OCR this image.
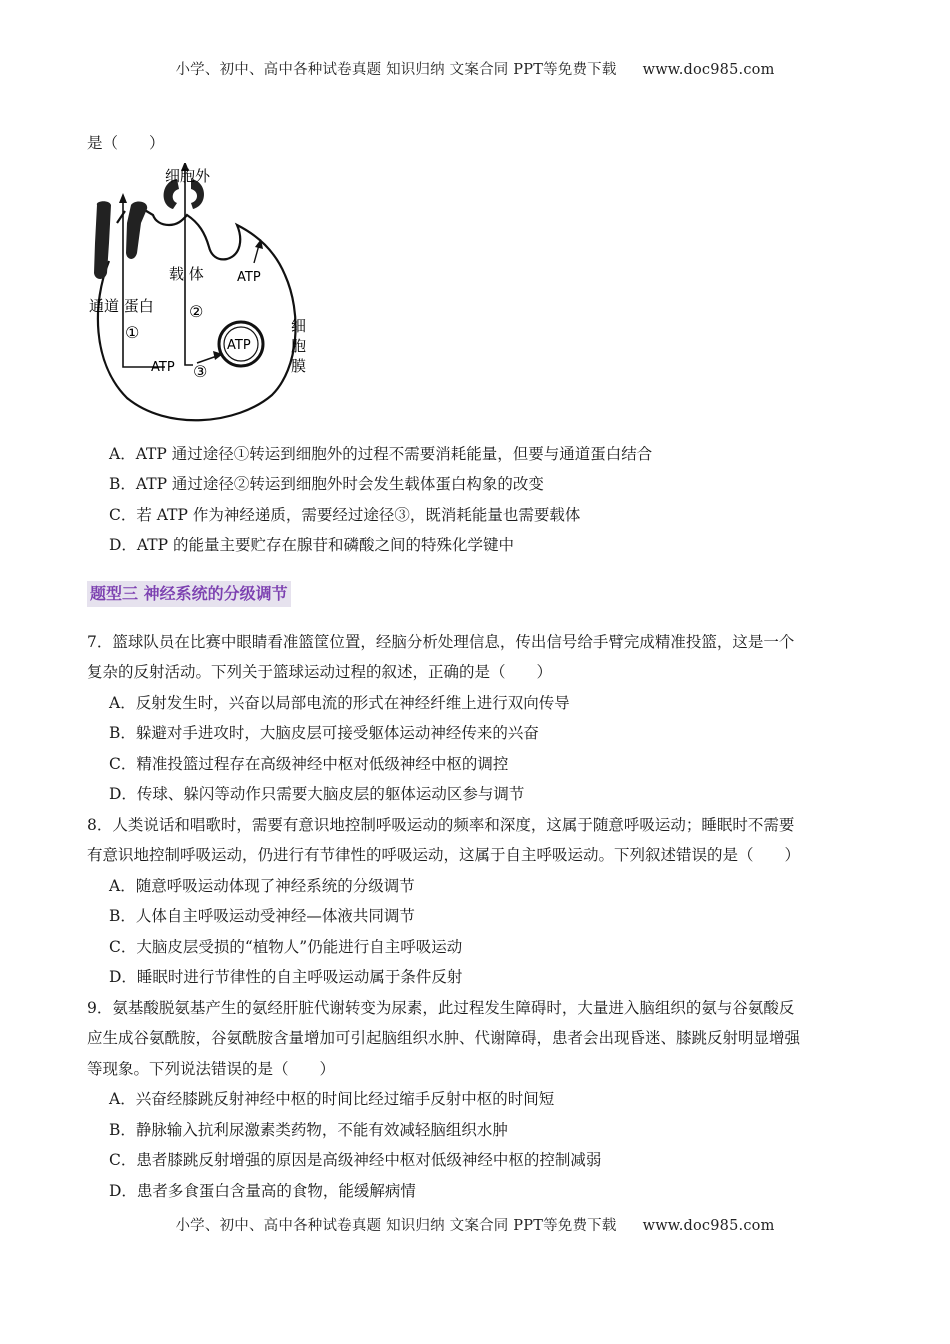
小学、初中、高中各种试卷真题 知识归纳 文案合同 PPT等免费下载 www.doc985.com
是（　　）
细胞外
载 体
通道 蛋白
①
②
③
ATP
ATP
ATP
细
胞
膜
A．ATP 通过途径①转运到细胞外的过程不需要消耗能量，但要与通道蛋白结合
B．ATP 通过途径②转运到细胞外时会发生载体蛋白构象的改变
C．若 ATP 作为神经递质，需要经过途径③，既消耗能量也需要载体
D．ATP 的能量主要贮存在腺苷和磷酸之间的特殊化学键中
题型三 神经系统的分级调节
7．篮球队员在比赛中眼睛看准篮筐位置，经脑分析处理信息，传出信号给手臂完成精准投篮，这是一个
复杂的反射活动。下列关于篮球运动过程的叙述，正确的是（　　）
A．反射发生时，兴奋以局部电流的形式在神经纤维上进行双向传导
B．躲避对手进攻时，大脑皮层可接受躯体运动神经传来的兴奋
C．精准投篮过程存在高级神经中枢对低级神经中枢的调控
D．传球、躲闪等动作只需要大脑皮层的躯体运动区参与调节
8．人类说话和唱歌时，需要有意识地控制呼吸运动的频率和深度，这属于随意呼吸运动；睡眠时不需要
有意识地控制呼吸运动，仍进行有节律性的呼吸运动，这属于自主呼吸运动。下列叙述错误的是（　　）
A．随意呼吸运动体现了神经系统的分级调节
B．人体自主呼吸运动受神经—体液共同调节
C．大脑皮层受损的“植物人”仍能进行自主呼吸运动
D．睡眠时进行节律性的自主呼吸运动属于条件反射
9．氨基酸脱氨基产生的氨经肝脏代谢转变为尿素，此过程发生障碍时，大量进入脑组织的氨与谷氨酸反
应生成谷氨酰胺，谷氨酰胺含量增加可引起脑组织水肿、代谢障碍，患者会出现昏迷、膝跳反射明显增强
等现象。下列说法错误的是（　　）
A．兴奋经膝跳反射神经中枢的时间比经过缩手反射中枢的时间短
B．静脉输入抗利尿激素类药物，不能有效减轻脑组织水肿
C．患者膝跳反射增强的原因是高级神经中枢对低级神经中枢的控制减弱
D．患者多食蛋白含量高的食物，能缓解病情
小学、初中、高中各种试卷真题 知识归纳 文案合同 PPT等免费下载 www.doc985.com
